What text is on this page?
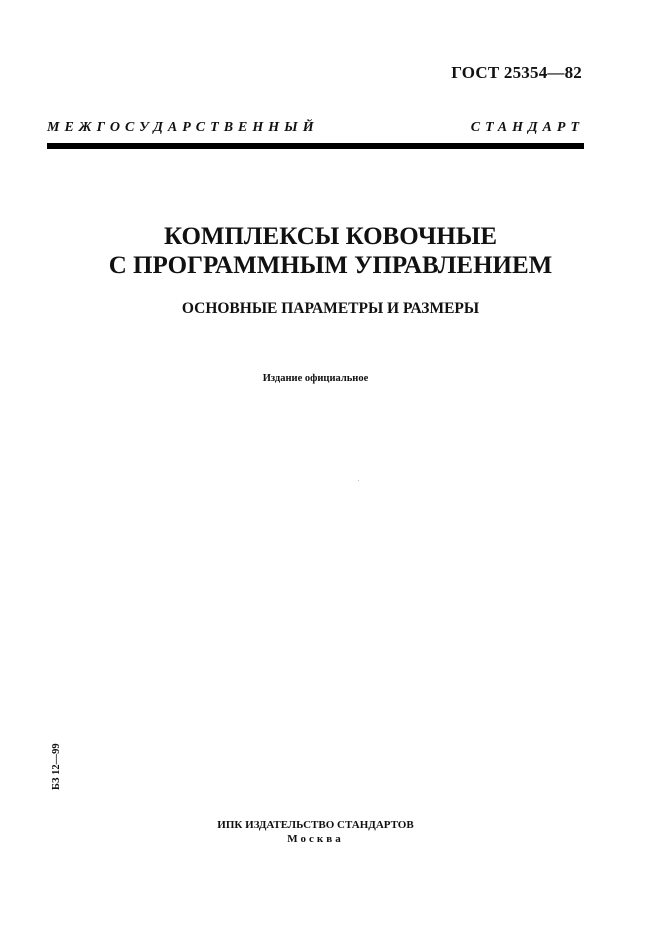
ГОСТ 25354—82
МЕЖГОСУДАРСТВЕННЫЙ СТАНДАРТ
КОМПЛЕКСЫ КОВОЧНЫЕ
С ПРОГРАММНЫМ УПРАВЛЕНИЕМ
ОСНОВНЫЕ ПАРАМЕТРЫ И РАЗМЕРЫ
Издание официальное
БЗ 12—99
ИПК ИЗДАТЕЛЬСТВО СТАНДАРТОВ
Москва
